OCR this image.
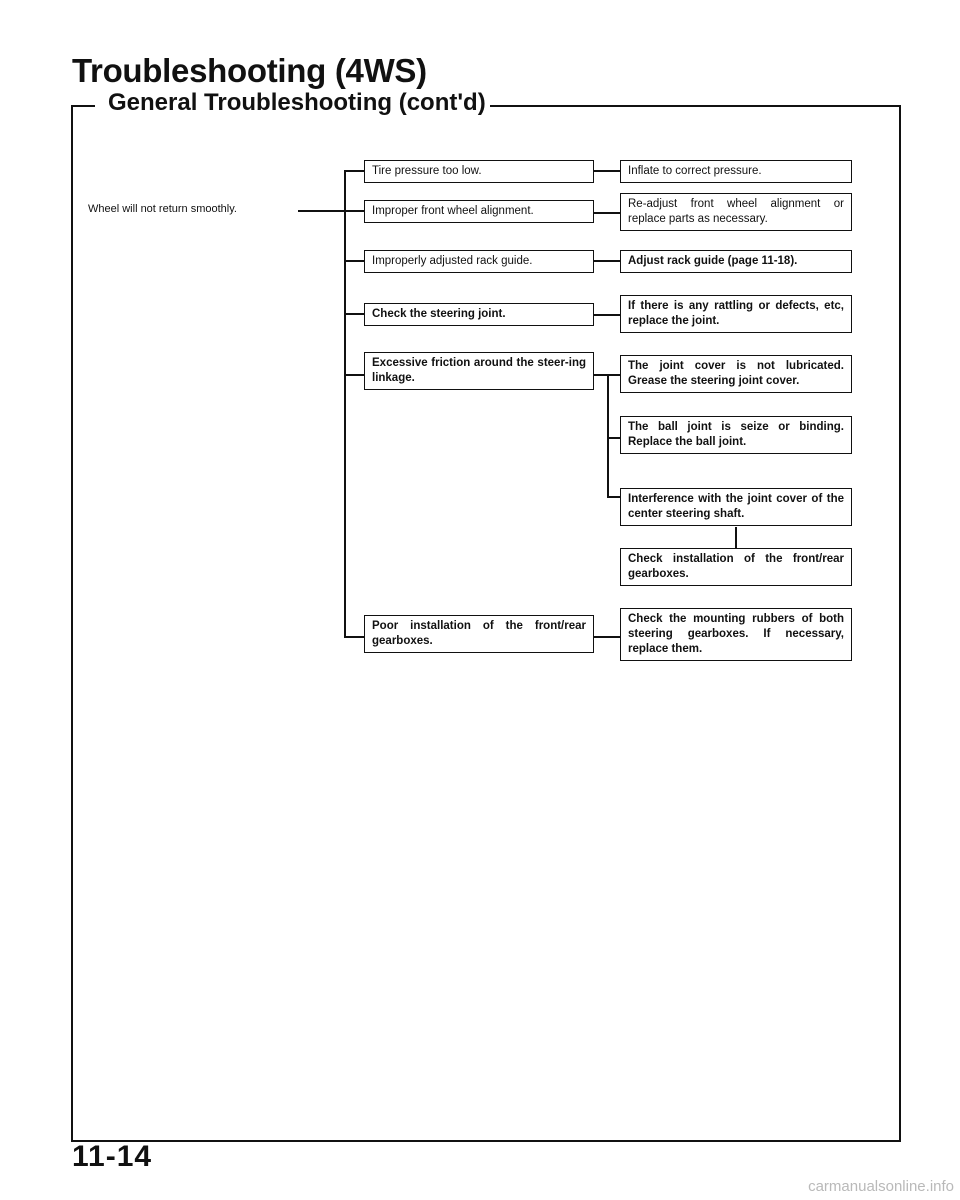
Troubleshooting (4WS)
General Troubleshooting (cont'd)
Wheel will not return smoothly.
Tire pressure too low.
Improper front wheel alignment.
Improperly adjusted rack guide.
Check the steering joint.
Excessive friction around the steer-ing linkage.
Poor installation of the front/rear gearboxes.
Inflate to correct pressure.
Re-adjust front wheel alignment or replace parts as necessary.
Adjust rack guide (page 11-18).
If there is any rattling or defects, etc, replace the joint.
The joint cover is not lubricated. Grease the steering joint cover.
The ball joint is seize or binding. Replace the ball joint.
Interference with the joint cover of the center steering shaft.
Check installation of the front/rear gearboxes.
Check the mounting rubbers of both steering gearboxes. If necessary, replace them.
11-14
carmanualsonline.info
